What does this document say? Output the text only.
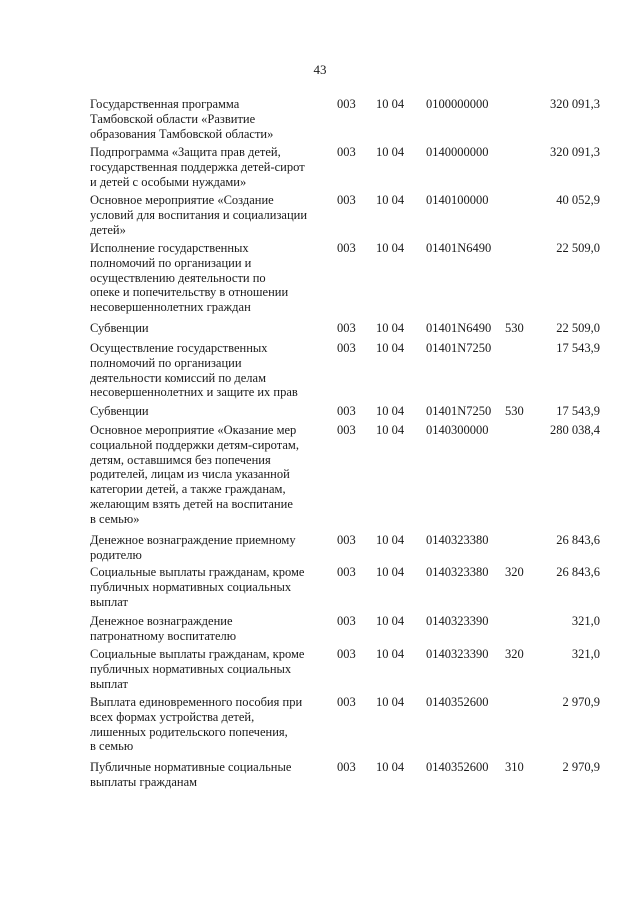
43
Государственная программа
Тамбовской области «Развитие
образования Тамбовской области»
003 10 04 0100000000	320 091,3
Подпрограмма «Защита прав детей,
государственная поддержка детей-сирот
и детей с особыми нуждами»
003 10 04 0140000000	320 091,3
Основное мероприятие «Создание
условий для воспитания и социализации
детей»
003 10 04 0140100000	40 052,9
Исполнение государственных
полномочий по организации и
осуществлению деятельности по
опеке и попечительству в отношении
несовершеннолетних граждан
003 10 04 01401N6490	22 509,0
Субвенции	003 10 04 01401N6490 530	22 509,0
Осуществление государственных
полномочий по организации
деятельности комиссий по делам
несовершеннолетних и защите их прав
003 10 04 01401N7250	17 543,9
Субвенции	003 10 04 01401N7250 530	17 543,9
Основное мероприятие «Оказание мер
социальной поддержки детям-сиротам,
детям, оставшимся без попечения
родителей, лицам из числа указанной
категории детей, а также гражданам,
желающим взять детей на воспитание
в семью»
003 10 04 0140300000	280 038,4
Денежное вознаграждение приемному
родителю
003 10 04 0140323380	26 843,6
Социальные выплаты гражданам, кроме
публичных нормативных социальных
выплат
003 10 04 0140323380 320	26 843,6
Денежное вознаграждение
патронатному воспитателю
003 10 04 0140323390	321,0
Социальные выплаты гражданам, кроме
публичных нормативных социальных
выплат
003 10 04 0140323390 320	321,0
Выплата единовременного пособия при
всех формах устройства детей,
лишенных родительского попечения,
в семью
003 10 04 0140352600	2 970,9
Публичные нормативные социальные
выплаты гражданам
003 10 04 0140352600 310	2 970,9
